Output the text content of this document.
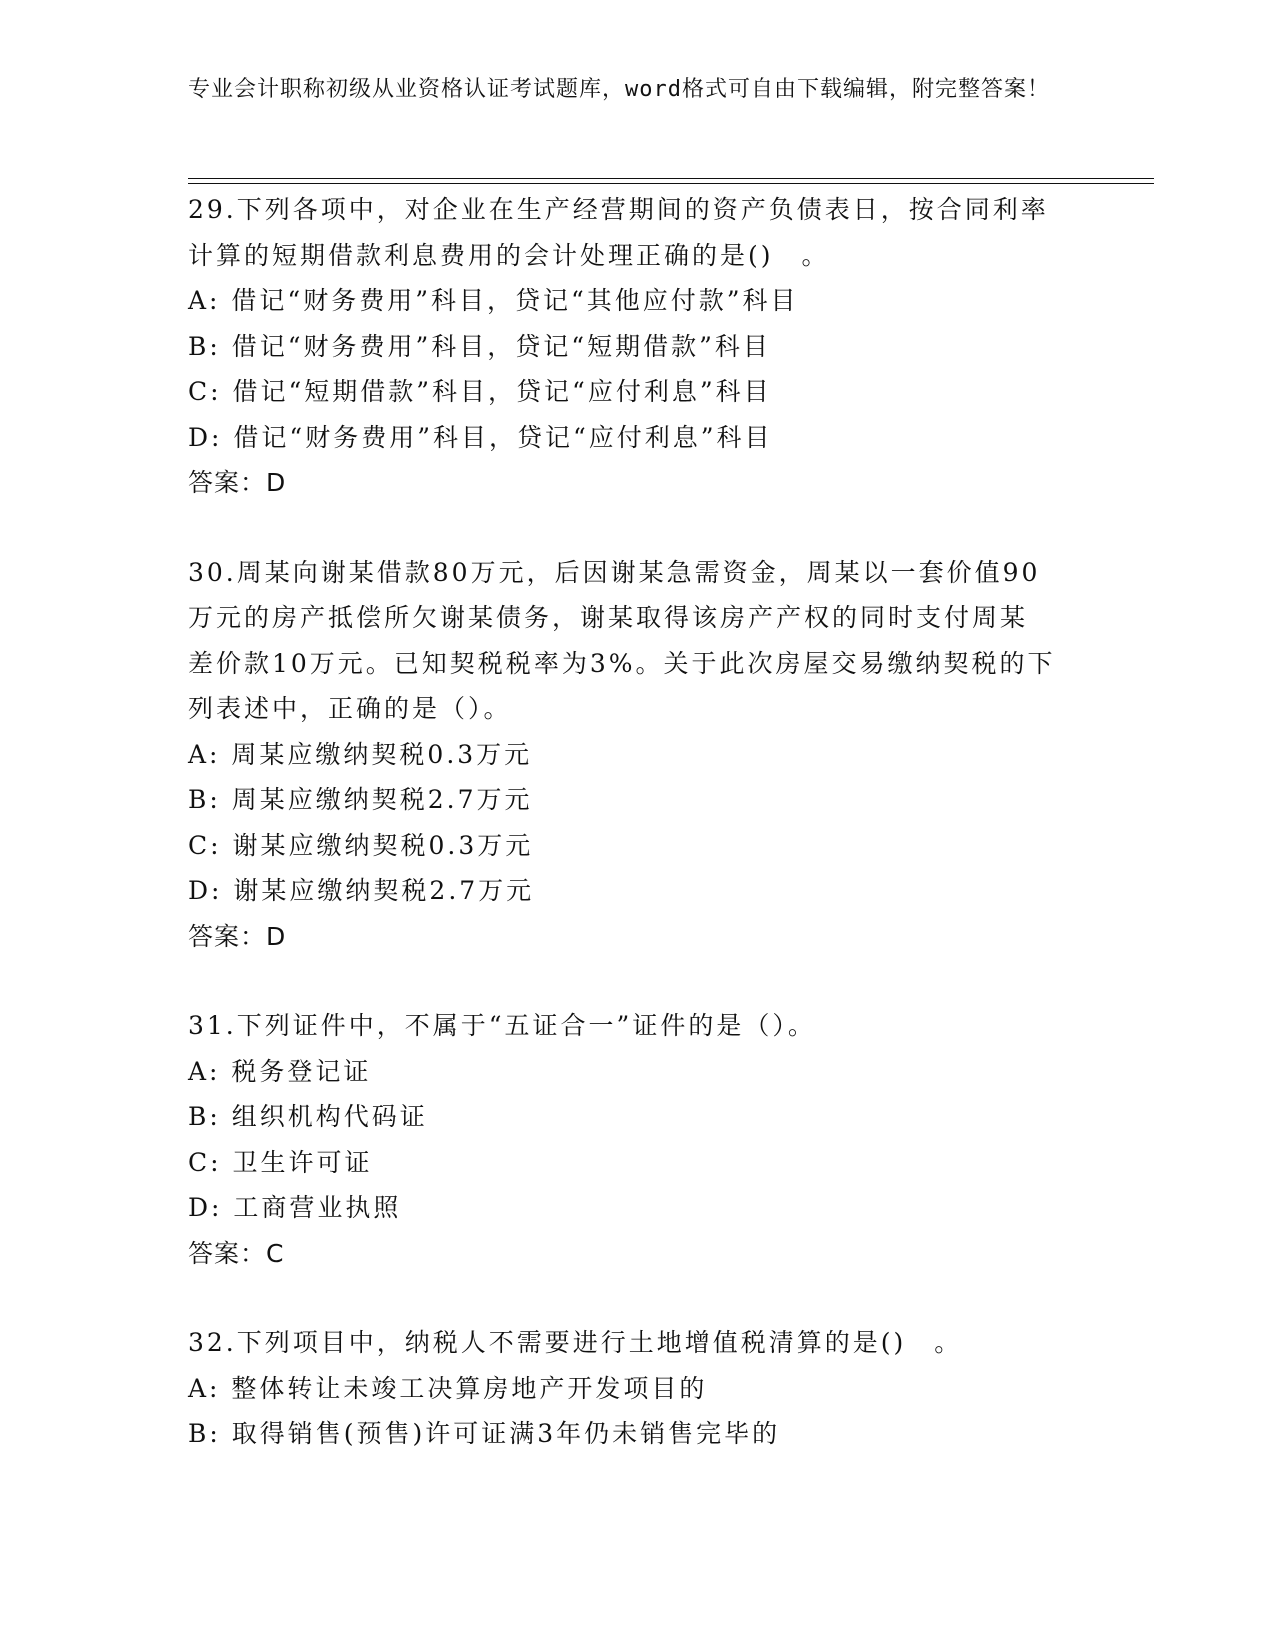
专业会计职称初级从业资格认证考试题库，word格式可自由下载编辑，附完整答案！
29.下列各项中，对企业在生产经营期间的资产负债表日，按合同利率
计算的短期借款利息费用的会计处理正确的是()　。
A: 借记“财务费用”科目，贷记“其他应付款”科目
B: 借记“财务费用”科目，贷记“短期借款”科目
C: 借记“短期借款”科目，贷记“应付利息”科目
D: 借记“财务费用”科目，贷记“应付利息”科目
答案：D
30.周某向谢某借款80万元，后因谢某急需资金，周某以一套价值90
万元的房产抵偿所欠谢某债务，谢某取得该房产产权的同时支付周某
差价款10万元。已知契税税率为3%。关于此次房屋交易缴纳契税的下
列表述中，正确的是（）。
A: 周某应缴纳契税0.3万元
B: 周某应缴纳契税2.7万元
C: 谢某应缴纳契税0.3万元
D: 谢某应缴纳契税2.7万元
答案：D
31.下列证件中，不属于“五证合一”证件的是（）。
A: 税务登记证
B: 组织机构代码证
C: 卫生许可证
D: 工商营业执照
答案：C
32.下列项目中，纳税人不需要进行土地增值税清算的是()　。
A: 整体转让未竣工决算房地产开发项目的
B: 取得销售(预售)许可证满3年仍未销售完毕的
